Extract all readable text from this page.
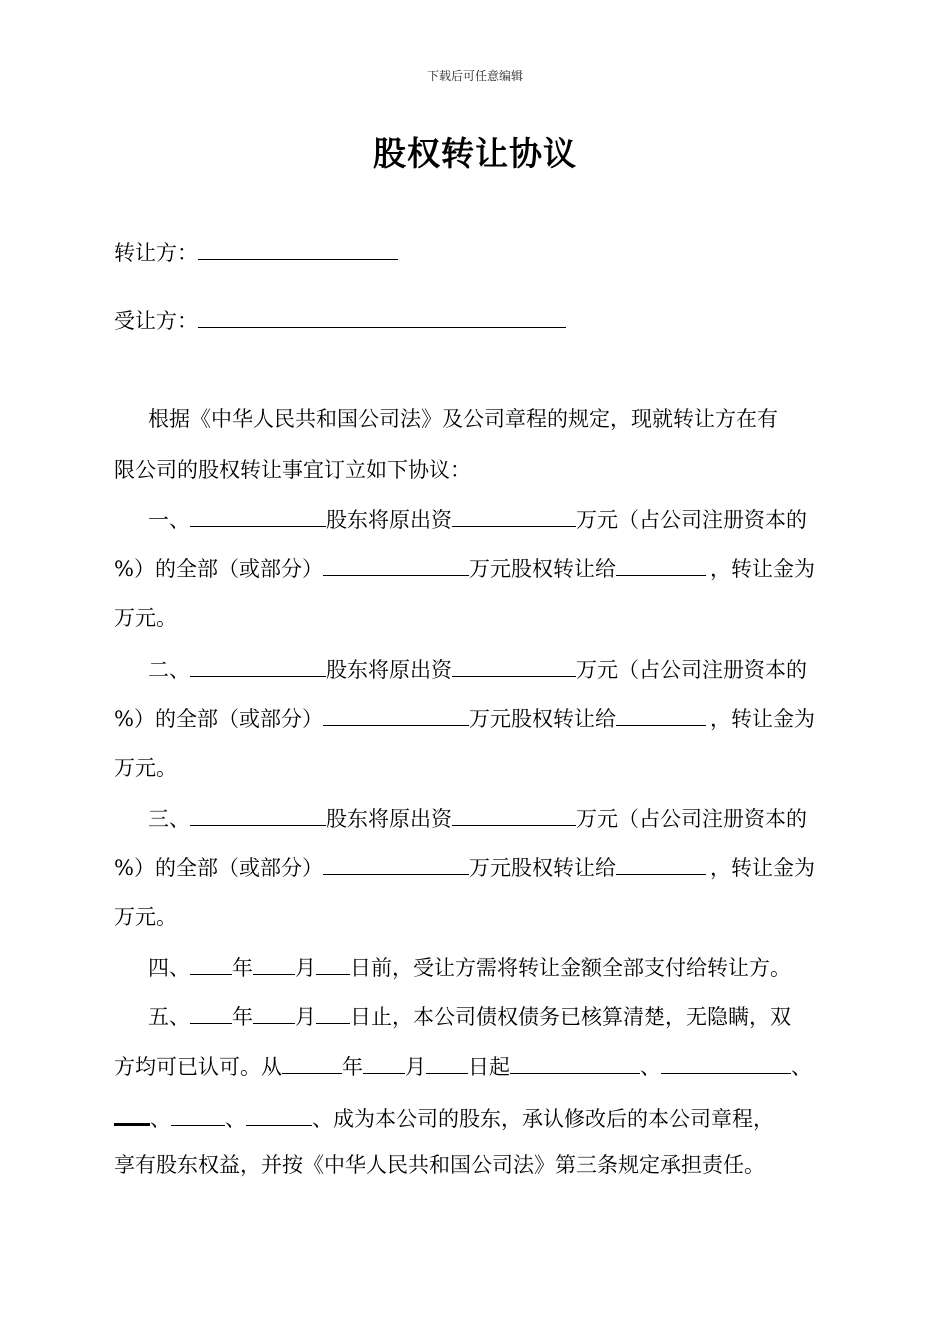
下载后可任意编辑
股权转让协议
转让方：
受让方：
根据《中华人民共和国公司法》及公司章程的规定，现就转让方在有
限公司的股权转让事宜订立如下协议：
一、	股东将原出资	万元（占公司注册资本的
%）的全部（或部分）	万元股权转让给	，转让金为
万元。
二、	股东将原出资	万元（占公司注册资本的
%）的全部（或部分）	万元股权转让给	，转让金为
万元。
三、	股东将原出资	万元（占公司注册资本的
%）的全部（或部分）	万元股权转让给	，转让金为
万元。
四、 年 月 日前，受让方需将转让金额全部支付给转让方。
五、 年 月 日止，本公司债权债务已核算清楚，无隐瞒，双
方均可已认可。从	年 月 日起	、	、
、	、	、成为本公司的股东，承认修改后的本公司章程，
享有股东权益，并按《中华人民共和国公司法》第三条规定承担责任。
